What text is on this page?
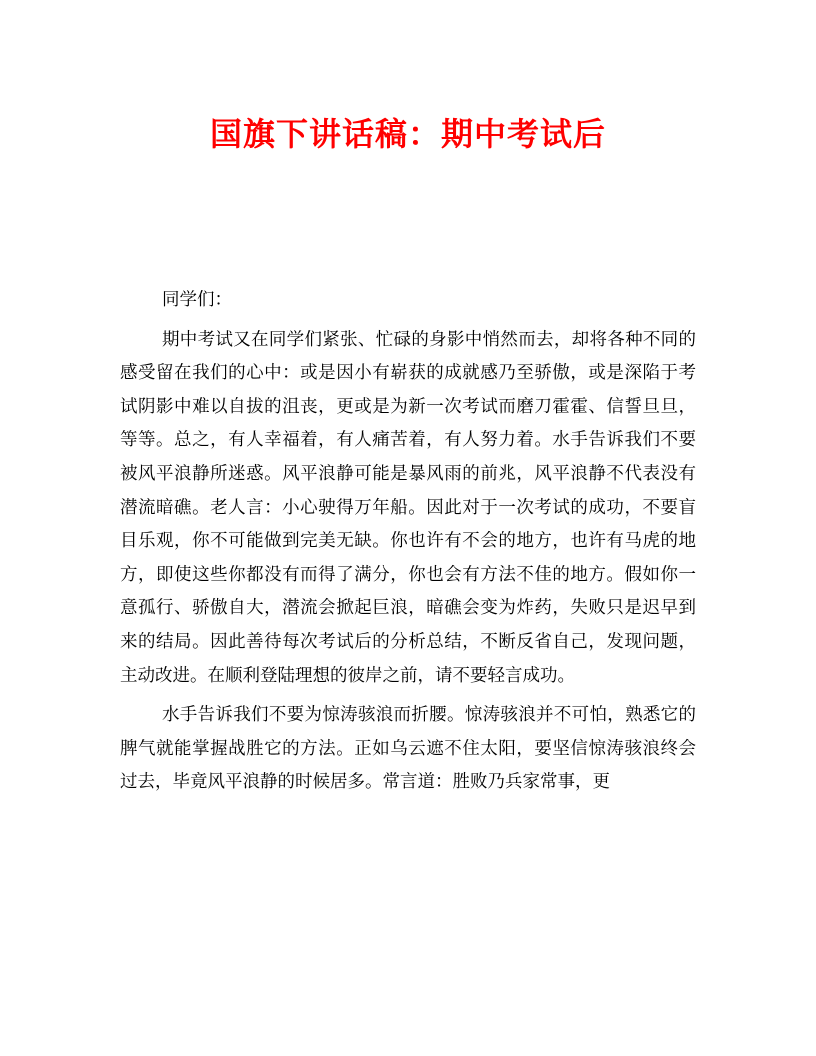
国旗下讲话稿：期中考试后

同学们：

期中考试又在同学们紧张、忙碌的身影中悄然而去，却将各种不同的感受留在我们的心中：或是因小有崭获的成就感乃至骄傲，或是深陷于考试阴影中难以自拔的沮丧，更或是为新一次考试而磨刀霍霍、信誓旦旦，等等。总之，有人幸福着，有人痛苦着，有人努力着。水手告诉我们不要被风平浪静所迷惑。风平浪静可能是暴风雨的前兆，风平浪静不代表没有潜流暗礁。老人言：小心驶得万年船。因此对于一次考试的成功，不要盲目乐观，你不可能做到完美无缺。你也许有不会的地方，也许有马虎的地方，即使这些你都没有而得了满分，你也会有方法不佳的地方。假如你一意孤行、骄傲自大，潜流会掀起巨浪，暗礁会变为炸药，失败只是迟早到来的结局。因此善待每次考试后的分析总结，不断反省自己，发现问题，主动改进。在顺利登陆理想的彼岸之前，请不要轻言成功。

水手告诉我们不要为惊涛骇浪而折腰。惊涛骇浪并不可怕，熟悉它的脾气就能掌握战胜它的方法。正如乌云遮不住太阳，要坚信惊涛骇浪终会过去，毕竟风平浪静的时候居多。常言道：胜败乃兵家常事，更
